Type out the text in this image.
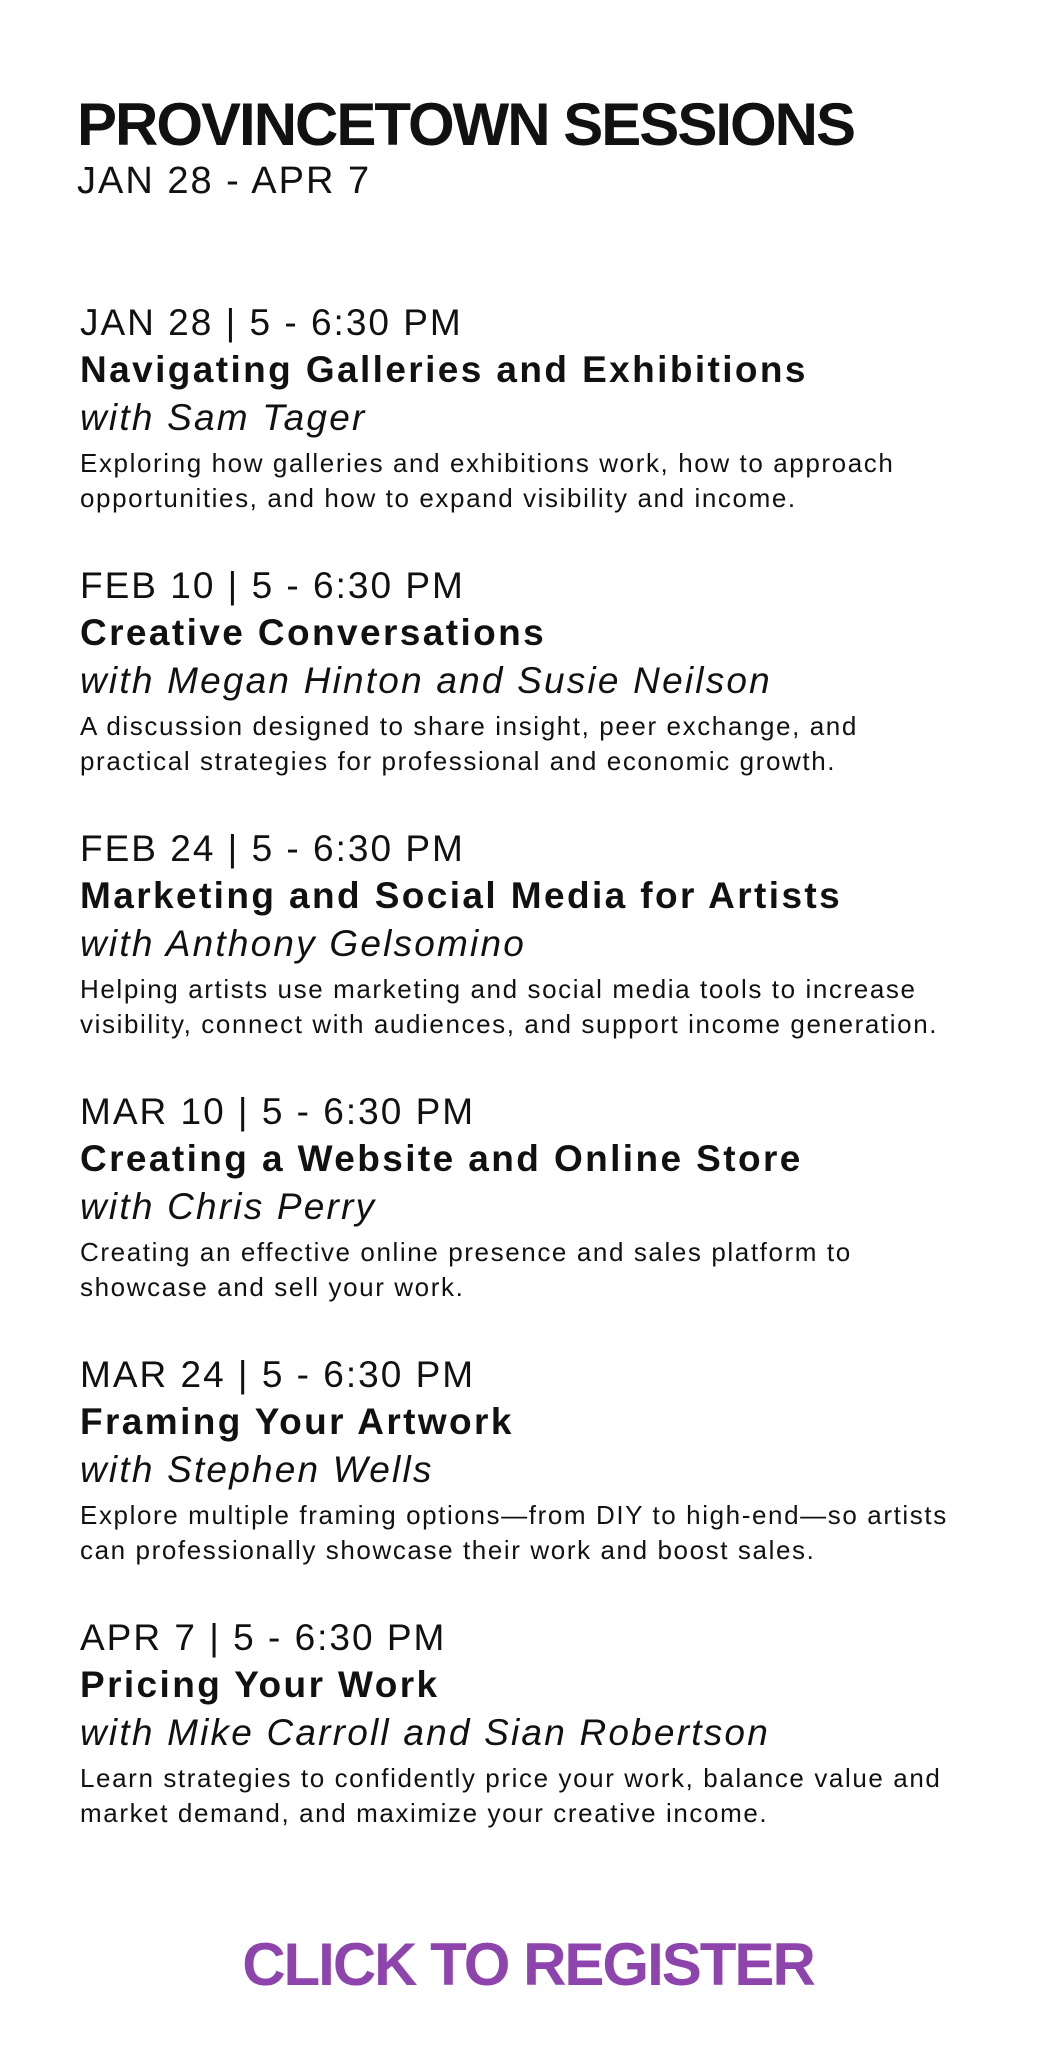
PROVINCETOWN SESSIONS
JAN 28 - APR 7
JAN 28 | 5 - 6:30 PM
Navigating Galleries and Exhibitions
with Sam Tager
Exploring how galleries and exhibitions work, how to approach
opportunities, and how to expand visibility and income.
FEB 10 | 5 - 6:30 PM
Creative Conversations
with Megan Hinton and Susie Neilson
A discussion designed to share insight, peer exchange, and
practical strategies for professional and economic growth.
FEB 24 | 5 - 6:30 PM
Marketing and Social Media for Artists
with Anthony Gelsomino
Helping artists use marketing and social media tools to increase
visibility, connect with audiences, and support income generation.
MAR 10 | 5 - 6:30 PM
Creating a Website and Online Store
with Chris Perry
Creating an effective online presence and sales platform to
showcase and sell your work.
MAR 24 | 5 - 6:30 PM
Framing Your Artwork
with Stephen Wells
Explore multiple framing options—from DIY to high-end—so artists
can professionally showcase their work and boost sales.
APR 7 | 5 - 6:30 PM
Pricing Your Work
with Mike Carroll and Sian Robertson
Learn strategies to confidently price your work, balance value and
market demand, and maximize your creative income.
CLICK TO REGISTER
